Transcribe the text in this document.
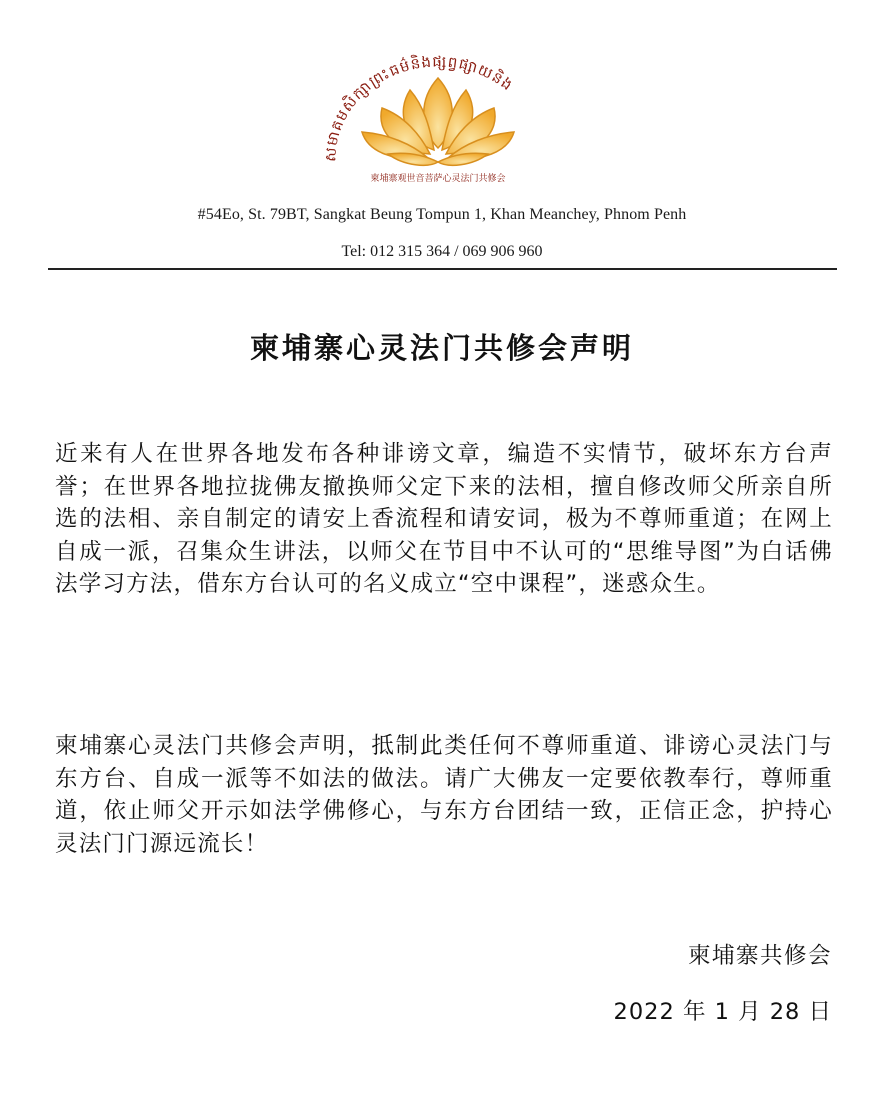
សមាគមសិក្សាព្រះធម៌និងផ្សព្វផ្សាយនិង
柬埔寨观世音菩萨心灵法门共修会
#54Eo, St. 79BT, Sangkat Beung Tompun 1, Khan Meanchey, Phnom Penh
Tel: 012 315 364 / 069 906 960
柬埔寨心灵法门共修会声明
近来有人在世界各地发布各种诽谤文章，编造不实情节，破坏东方台声誉；在世界各地拉拢佛友撤换师父定下来的法相，擅自修改师父所亲自所选的法相、亲自制定的请安上香流程和请安词，极为不尊师重道；在网上自成一派，召集众生讲法，以师父在节目中不认可的“思维导图”为白话佛法学习方法，借东方台认可的名义成立“空中课程”，迷惑众生。
柬埔寨心灵法门共修会声明，抵制此类任何不尊师重道、诽谤心灵法门与东方台、自成一派等不如法的做法。请广大佛友一定要依教奉行，尊师重道，依止师父开示如法学佛修心，与东方台团结一致，正信正念，护持心灵法门门源远流长！
柬埔寨共修会
2022 年 1 月 28 日
